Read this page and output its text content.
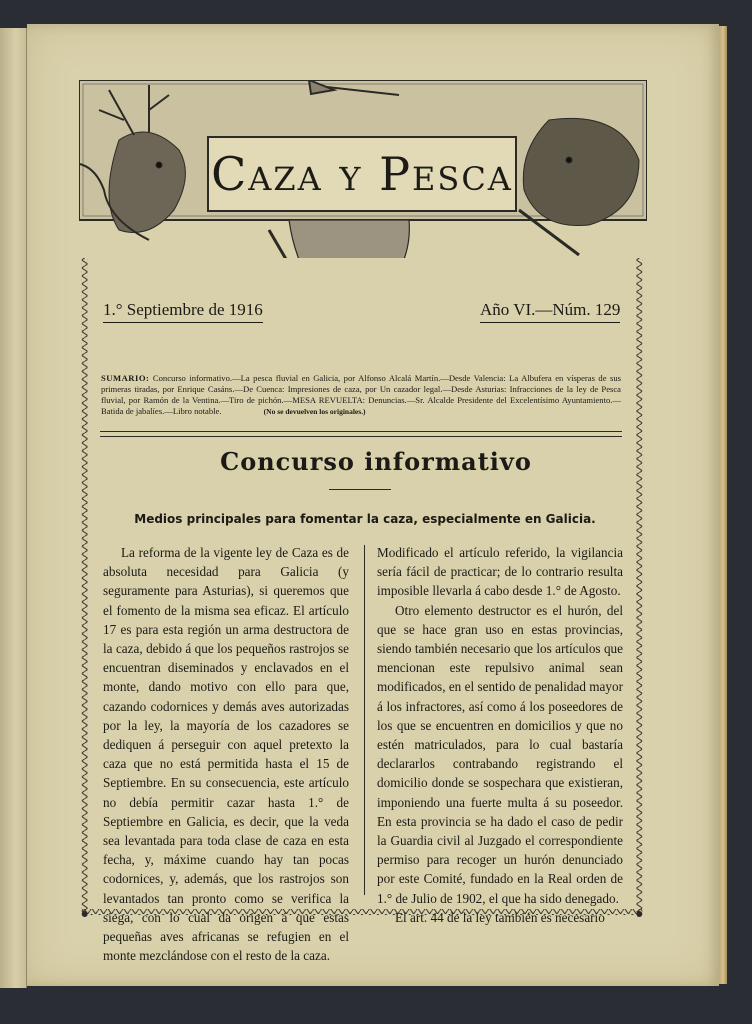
Caza y Pesca
1.° Septiembre de 1916	Año VI.—Núm. 129
SUMARIO: Concurso informativo.—La pesca fluvial en Galicia, por Alfonso Alcalá Martín.—Desde Valencia: La Albufera en vísperas de sus primeras tiradas, por Enrique Casáns.—De Cuenca: Impresiones de caza, por Un cazador legal.—Desde Asturias: Infracciones de la ley de Pesca fluvial, por Ramón de la Ventina.—Tiro de pichón.—MESA REVUELTA: Denuncias.—Sr. Alcalde Presidente del Excelentísimo Ayuntamiento.—Batida de jabalíes.—Libro notable.	(No se devuelven los originales.)
Concurso informativo
Medios principales para fomentar la caza, especialmente en Galicia.

La reforma de la vigente ley de Caza es de absoluta necesidad para Galicia (y seguramente para Asturias), si queremos que el fomento de la misma sea eficaz. El artículo 17 es para esta región un arma destructora de la caza, debido á que los pequeños rastrojos se encuentran diseminados y enclavados en el monte, dando motivo con ello para que, cazando codornices y demás aves autorizadas por la ley, la mayoría de los cazadores se dediquen á perseguir con aquel pretexto la caza que no está permitida hasta el 15 de Septiembre. En su consecuencia, este artículo no debía permitir cazar hasta 1.° de Septiembre en Galicia, es decir, que la veda sea levantada para toda clase de caza en esta fecha, y, máxime cuando hay tan pocas codornices, y, además, que los rastrojos son levantados tan pronto como se verifica la siega, con lo cual da origen á que estas pequeñas aves africanas se refugien en el monte mezclándose con el resto de la caza.

Modificado el artículo referido, la vigilancia sería fácil de practicar; de lo contrario resulta imposible llevarla á cabo desde 1.° de Agosto.

Otro elemento destructor es el hurón, del que se hace gran uso en estas provincias, siendo también necesario que los artículos que mencionan este repulsivo animal sean modificados, en el sentido de penalidad mayor á los infractores, así como á los poseedores de los que se encuentren en domicilios y que no estén matriculados, para lo cual bastaría declararlos contrabando registrando el domicilio donde se sospechara que existieran, imponiendo una fuerte multa á su poseedor. En esta provincia se ha dado el caso de pedir la Guardia civil al Juzgado el correspondiente permiso para recoger un hurón denunciado por este Comité, fundado en la Real orden de 1.° de Julio de 1902, el que ha sido denegado.

El art. 44 de la ley también es necesario
